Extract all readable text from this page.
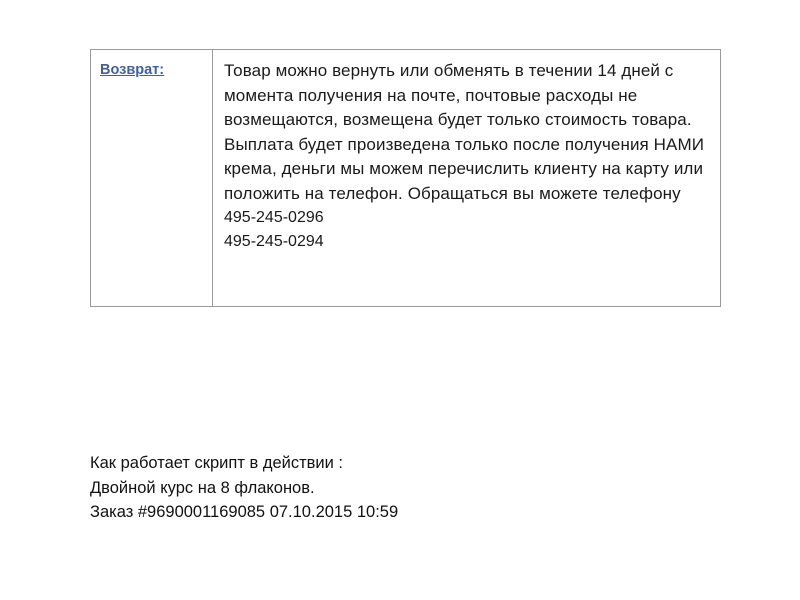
Возврат:	Товар можно вернуть или обменять в течении 14 дней с момента получения на почте, почтовые расходы не возмещаются, возмещена будет только стоимость товара. Выплата будет произведена только после получения НАМИ крема, деньги мы можем перечислить клиенту на карту или положить на телефон. Обращаться вы можете телефону
495-245-0296
495-245-0294
Как работает скрипт в действии :
Двойной курс на 8 флаконов.
Заказ #9690001169085 07.10.2015 10:59
